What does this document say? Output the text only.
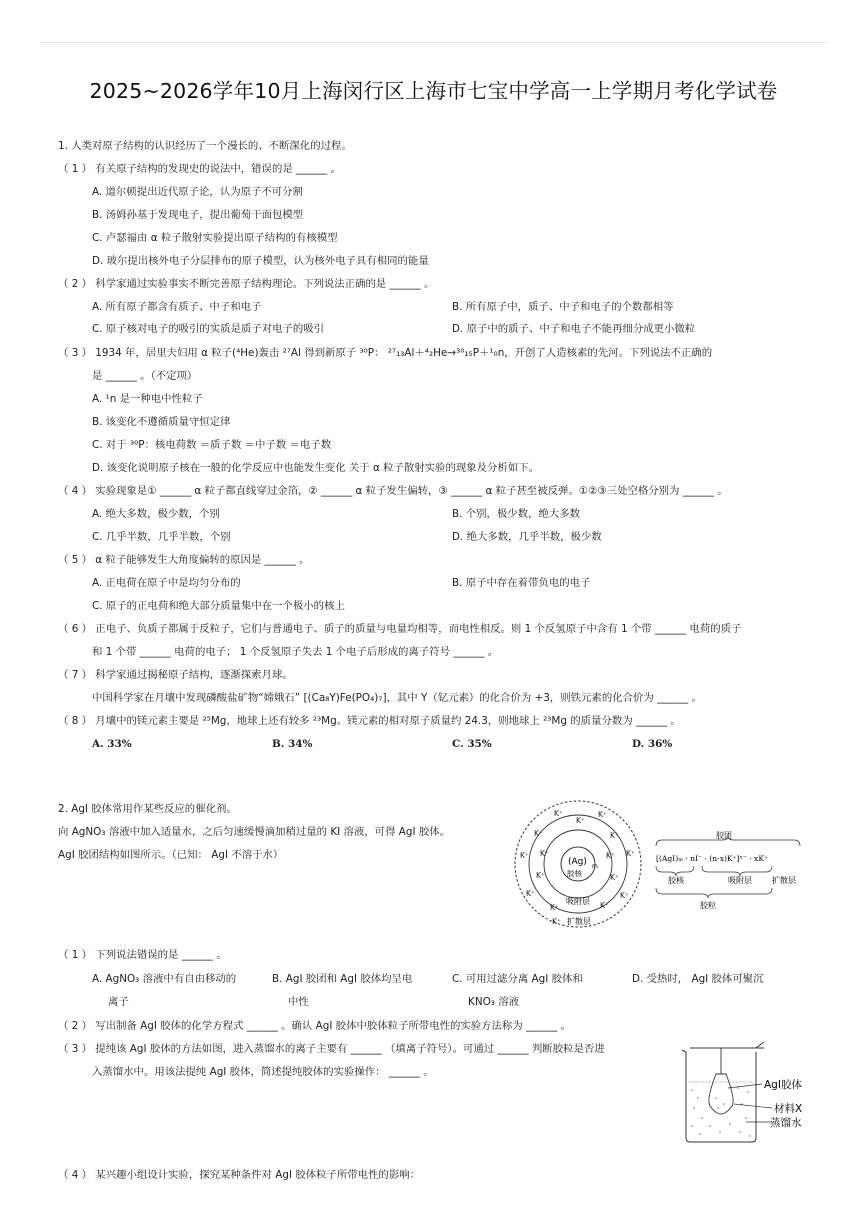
2025~2026学年10月上海闵行区上海市七宝中学高一上学期月考化学试卷
1. 人类对原子结构的认识经历了一个漫长的、不断深化的过程。
（ 1 ） 有关原子结构的发现史的说法中，错误的是 ______ 。
A. 道尔顿提出近代原子论，认为原子不可分割
B. 汤姆孙基于发现电子，提出葡萄干面包模型
C. 卢瑟福由 α 粒子散射实验提出原子结构的有核模型
D. 玻尔提出核外电子分层排布的原子模型，认为核外电子具有相同的能量
（ 2 ） 科学家通过实验事实不断完善原子结构理论。下列说法正确的是 ______ 。
A. 所有原子都含有质子、中子和电子	B. 所有原子中，质子、中子和电子的个数都相等
C. 原子核对电子的吸引的实质是质子对电子的吸引	D. 原子中的质子、中子和电子不能再细分成更小微粒
（ 3 ） 1934 年，居里夫妇用 α 粒子(⁴He)轰击 ²⁷Al 得到新原子 ³⁰P： ²⁷₁₃Al＋⁴₂He→³⁰₁₅P＋¹₀n，开创了人造核素的先河。下列说法不正确的
是 ______ 。（不定项）
A. ¹n 是一种电中性粒子
B. 该变化不遵循质量守恒定律
C. 对于 ³⁰P：核电荷数 ＝质子数 ＝中子数 ＝电子数
D. 该变化说明原子核在一般的化学反应中也能发生变化 关于 α 粒子散射实验的现象及分析如下。
（ 4 ） 实验现象是① ______ α 粒子都直线穿过金箔，② ______ α 粒子发生偏转，③ ______ α 粒子甚至被反弹。①②③三处空格分别为 ______ 。
A. 绝大多数，极少数，个别	B. 个别，极少数，绝大多数
C. 几乎半数，几乎半数，个别	D. 绝大多数，几乎半数，极少数
（ 5 ） α 粒子能够发生大角度偏转的原因是 ______ 。
A. 正电荷在原子中是均匀分布的	B. 原子中存在着带负电的电子
C. 原子的正电荷和绝大部分质量集中在一个极小的核上
（ 6 ） 正电子、负质子都属于反粒子，它们与普通电子、质子的质量与电量均相等，而电性相反。则 1 个反氢原子中含有 1 个带 ______ 电荷的质子
和 1 个带 ______ 电荷的电子； 1 个反氢原子失去 1 个电子后形成的离子符号 ______ 。
（ 7 ） 科学家通过揭秘原子结构，逐渐探索月球。
中国科学家在月壤中发现磷酸盐矿物“嫦娥石” [(Ca₈Y)Fe(PO₄)₇]，其中 Y（钇元素）的化合价为 +3，则铁元素的化合价为 ______ 。
（ 8 ） 月壤中的镁元素主要是 ²⁵Mg，地球上还有较多 ²³Mg。镁元素的相对原子质量约 24.3，则地球上 ²³Mg 的质量分数为 ______ 。
A. 33%	B. 34%	C. 35%	D. 36%
2. AgI 胶体常用作某些反应的催化剂。
向 AgNO₃ 溶液中加入适量水，之后匀速缓慢滴加稍过量的 KI 溶液，可得 AgI 胶体。
AgI 胶团结构如图所示。（已知： AgI 不溶于水）
(Ag) m
胶核
吸附层
扩散层
K⁺
K⁺
K⁺
K⁺	K⁺
K⁺ K⁺	K⁺ K⁺
K⁺	K⁺
K⁺	K⁺
K⁺	K⁺
K⁺
胶团
[(AgI)ₘ · nI⁻ · (n-x)K⁺]ˣ⁻ · xK⁺
胶核	吸附层	扩散层
胶粒
（ 1 ） 下列说法错误的是 ______ 。
A. AgNO₃ 溶液中有自由移动的
离子
B. AgI 胶团和 AgI 胶体均呈电
中性
C. 可用过滤分离 AgI 胶体和
KNO₃ 溶液
D. 受热时， AgI 胶体可聚沉
（ 2 ） 写出制备 AgI 胶体的化学方程式 ______ 。确认 AgI 胶体中胶体粒子所带电性的实验方法称为 ______ 。
（ 3 ） 提纯该 AgI 胶体的方法如图，进入蒸馏水的离子主要有 ______ （填离子符号）。可通过 ______ 判断胶粒是否进
入蒸馏水中。用该法提纯 AgI 胶体，简述提纯胶体的实验操作： ______ 。
AgI胶体
材料X
蒸馏水
（ 4 ） 某兴趣小组设计实验，探究某种条件对 AgI 胶体粒子所带电性的影响：
